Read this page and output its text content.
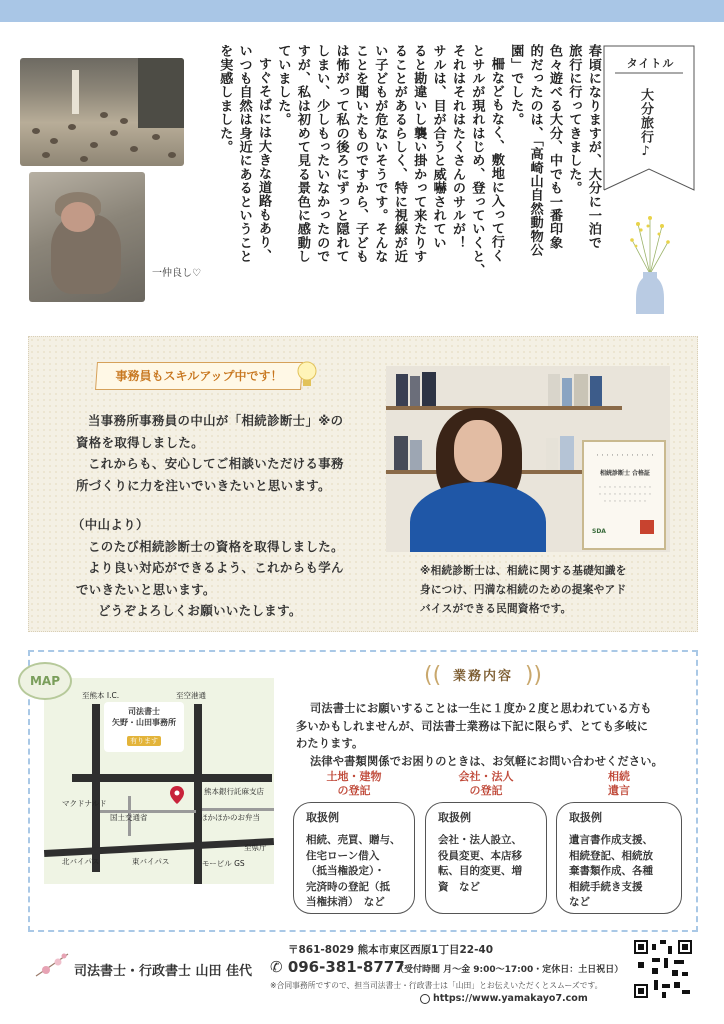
一仲良し♡
春頃になりますが、大分に一泊で
旅行に行ってきました。
色々遊べる大分、中でも一番印象
的だったのは、「高崎山自然動物公
園」でした。
柵などもなく、敷地に入って行く
とサルが現れはじめ、登っていくと、
それはそれはたくさんのサルが！
サルは、目が合うと威嚇されてい
ると勘違いし襲い掛かって来たりす
ることがあるらしく、特に視線が近
い子どもが危ないそうです。そんな
ことを聞いたものですから、子ども
は怖がって私の後ろにずっと隠れて
しまい、少しもったいなかったので
すが、私は初めて見る景色に感動し
ていました。
すぐそばには大きな道路もあり、
いつも自然は身近にあるということ
を実感しました。	タイトル
大分旅行♪
事務員もスキルアップ中です！
当事務所事務員の中山が「相続診断士」※の
資格を取得しました。
これからも、安心してご相談いただける事務
所づくりに力を注いでいきたいと思います。
（中山より）
このたび相続診断士の資格を取得しました。
より良い対応ができるよう、これからも学ん
でいきたいと思います。
どうぞよろしくお願いいたします。
・・・・・・・・・・・・
相続診断士 合格証
・・・・・・・・・・・
・・・・・・・・・・・
・・・・・・・・・
SDA
※相続診断士は、相続に関する基礎知識を
身につけ、円満な相続のための提案やアド
バイスができる民間資格です。
MAP
至熊本 I.C.	至空港通
司法書士
矢野・山田事務所
有ります
熊本銀行託麻支店
マクドナルド
国土交通省	ほかほかのお弁当
北バイパス	東バイパス
至県庁
モービル GS
(( 業務内容 ))
司法書士にお願いすることは一生に１度か２度と思われている方も
多いかもしれませんが、司法書士業務は下記に限らず、とても多岐に
わたります。
法律や書類関係でお困りのときは、お気軽にお問い合わせください。
土地・建物
の登記
取扱例
相続、売買、贈与、
住宅ローン借入
（抵当権設定）・
完済時の登記（抵
当権抹消）　など
会社・法人
の登記
取扱例
会社・法人設立、
役員変更、本店移
転、目的変更、増
資　など
相続
遺言
取扱例
遺言書作成支援、
相続登記、相続放
棄書類作成、各種
相続手続き支援
など
司法書士・行政書士 山田 佳代
〒861-8029 熊本市東区西原1丁目22-40
✆ 096-381-8777
（受付時間 月～金 9:00～17:00・定休日：土日祝日）
※合同事務所ですので、担当司法書士・行政書士は「山田」とお伝えいただくとスムーズです。
https://www.yamakayo7.com
